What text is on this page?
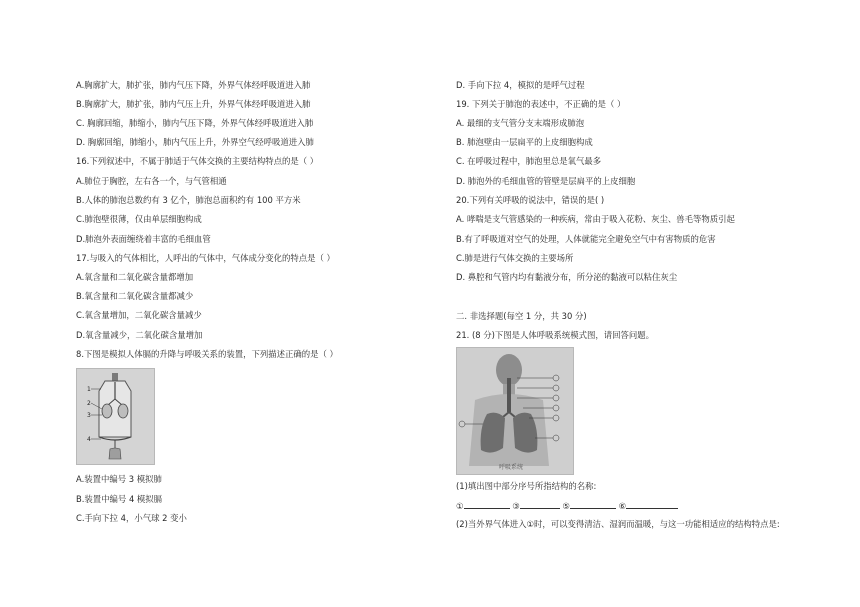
A.胸廓扩大，肺扩张，肺内气压下降，外界气体经呼吸道进入肺
B.胸廓扩大，肺扩张，肺内气压上升，外界气体经呼吸道进入肺
C. 胸廓回缩，肺缩小，肺内气压下降，外界气体经呼吸道进入肺
D. 胸廓回缩，肺缩小，肺内气压上升，外界空气经呼吸道进入肺
16.下列叙述中，不属于肺适于气体交换的主要结构特点的是（ ）
A.肺位于胸腔，左右各一个，与气管相通
B.人体的肺泡总数约有 3 亿个，肺泡总面积约有 100 平方米
C.肺泡壁很薄，仅由单层细胞构成
D.肺泡外表面缠绕着丰富的毛细血管
17.与吸入的气体相比，人呼出的气体中，气体成分变化的特点是（ ）
A.氧含量和二氧化碳含量都增加
B.氧含量和二氧化碳含量都减少
C.氧含量增加，二氧化碳含量减少
D.氧含量减少，二氧化碳含量增加
8.下图是模拟人体膈的升降与呼吸关系的装置，下列描述正确的是（ ）
1
2
3
4
A.装置中编号 3 模拟肺
B.装置中编号 4 模拟膈
C.手向下拉 4，小气球 2 变小
D. 手向下拉 4，模拟的是呼气过程
19. 下列关于肺泡的表述中，不正确的是（ ）
A. 最细的支气管分支末端形成肺泡
B. 肺泡壁由一层扁平的上皮细胞构成
C. 在呼吸过程中，肺泡里总是氧气最多
D. 肺泡外的毛细血管的管壁是层扁平的上皮细胞
20.下列有关呼吸的说法中，错误的是( )
A. 哮喘是支气管感染的一种疾病，常由于吸入花粉、灰尘、兽毛等物质引起
B.有了呼吸道对空气的处理，人体就能完全避免空气中有害物质的危害
C.肺是进行气体交换的主要场所
D. 鼻腔和气管内均有黏液分布，所分泌的黏液可以粘住灰尘
二. 非选择题(每空 1 分，共 30 分)
21. (8 分)下图是人体呼吸系统模式图，请回答问题。
呼吸系统
(1)填出图中部分序号所指结构的名称:
①	③	⑤	⑥
(2)当外界气体进入①时，可以变得清洁、湿润而温暖，与这一功能相适应的结构特点是:
